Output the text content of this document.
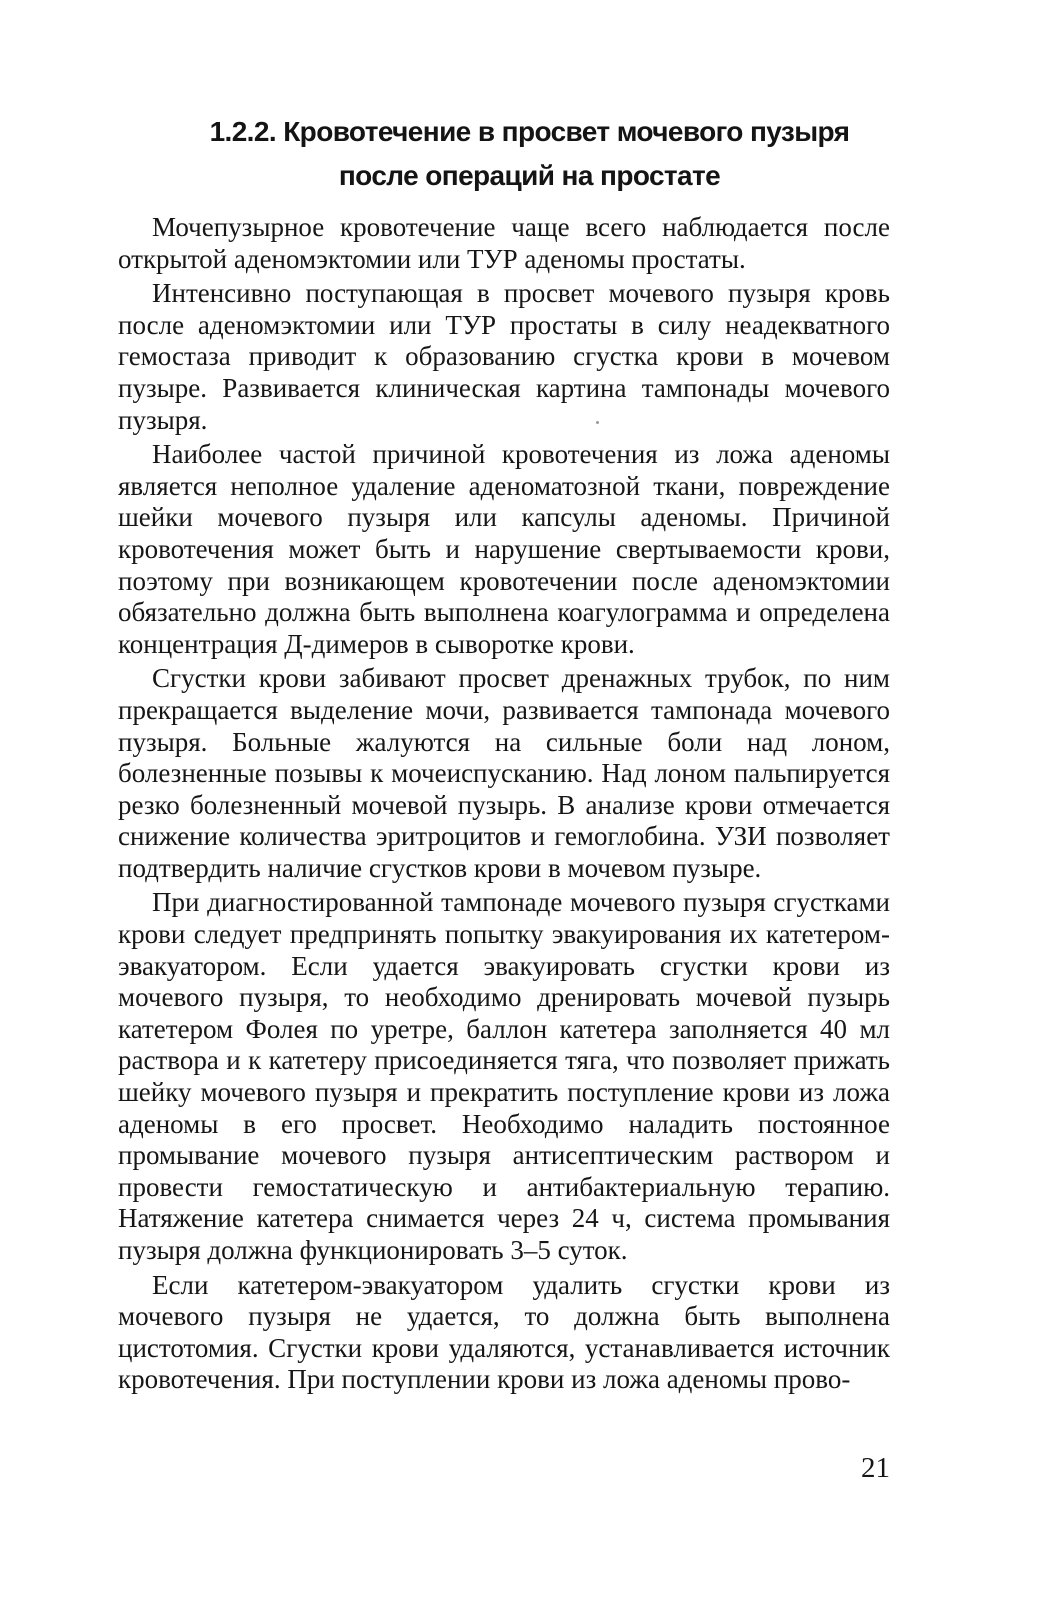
1.2.2. Кровотечение в просвет мочевого пузыря
после операций на простате

Мочепузырное кровотечение чаще всего наблюдается после открытой аденомэктомии или ТУР аденомы простаты.

Интенсивно поступающая в просвет мочевого пузыря кровь после аденомэктомии или ТУР простаты в силу неадекватного гемостаза приводит к образованию сгустка крови в мочевом пузыре. Развивается клиническая картина тампонады мочевого пузыря.

Наиболее частой причиной кровотечения из ложа аденомы является неполное удаление аденоматозной ткани, повреждение шейки мочевого пузыря или капсулы аденомы. Причиной кровотечения может быть и нарушение свертываемости крови, поэтому при возникающем кровотечении после аденомэктомии обязательно должна быть выполнена коагулограмма и определена концентрация Д-димеров в сыворотке крови.

Сгустки крови забивают просвет дренажных трубок, по ним прекращается выделение мочи, развивается тампонада мочевого пузыря. Больные жалуются на сильные боли над лоном, болезненные позывы к мочеиспусканию. Над лоном пальпируется резко болезненный мочевой пузырь. В анализе крови отмечается снижение количества эритроцитов и гемоглобина. УЗИ позволяет подтвердить наличие сгустков крови в мочевом пузыре.

При диагностированной тампонаде мочевого пузыря сгустками крови следует предпринять попытку эвакуирования их катетером-эвакуатором. Если удается эвакуировать сгустки крови из мочевого пузыря, то необходимо дренировать мочевой пузырь катетером Фолея по уретре, баллон катетера заполняется 40 мл раствора и к катетеру присоединяется тяга, что позволяет прижать шейку мочевого пузыря и прекратить поступление крови из ложа аденомы в его просвет. Необходимо наладить постоянное промывание мочевого пузыря антисептическим раствором и провести гемостатическую и антибактериальную терапию. Натяжение катетера снимается через 24 ч, система промывания пузыря должна функционировать 3–5 суток.

Если катетером-эвакуатором удалить сгустки крови из мочевого пузыря не удается, то должна быть выполнена цистотомия. Сгустки крови удаляются, устанавливается источник кровотечения. При поступлении крови из ложа аденомы прово-

21
